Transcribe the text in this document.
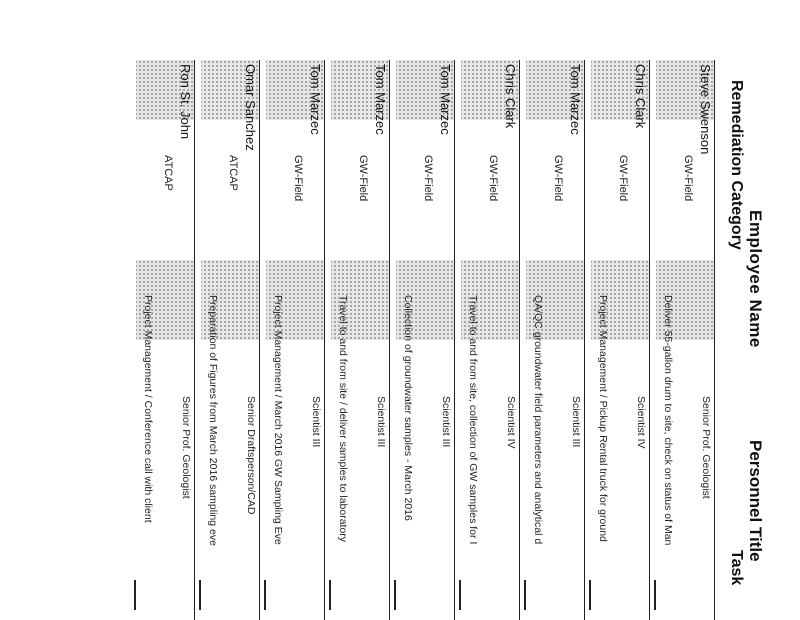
Employee Name
Remediation Category
Personnel Title
Task
Steve Swenson
GW-Field
Senior Prof. Geologist
Deliver 55-gallon drum to site, check on status of Man
Chris Clark
GW-Field
Scientist IV
Project Management / Pickup Rental truck for ground
Tom Marzec
GW-Field
Scientist III
QA/QC groundwater field parameters and analytical d
Chris Clark
GW-Field
Scientist IV
Travel to and from site, collection of GW samples for I
Tom Marzec
GW-Field
Scientist III
Collection of groundwater samples - March 2016
Tom Marzec
GW-Field
Scientist III
Travel to and from site / deliver samples to laboratory
Tom Marzec
GW-Field
Scientist III
Project Management / March 2016 GW Sampling Eve
Omar Sanchez
ATCAP
Senior Draftsperson/CAD
Preparation of Figures from March 2016 sampling eve
Ron St. John
ATCAP
Senior Prof. Geologist
Project Management / Conference call with client
